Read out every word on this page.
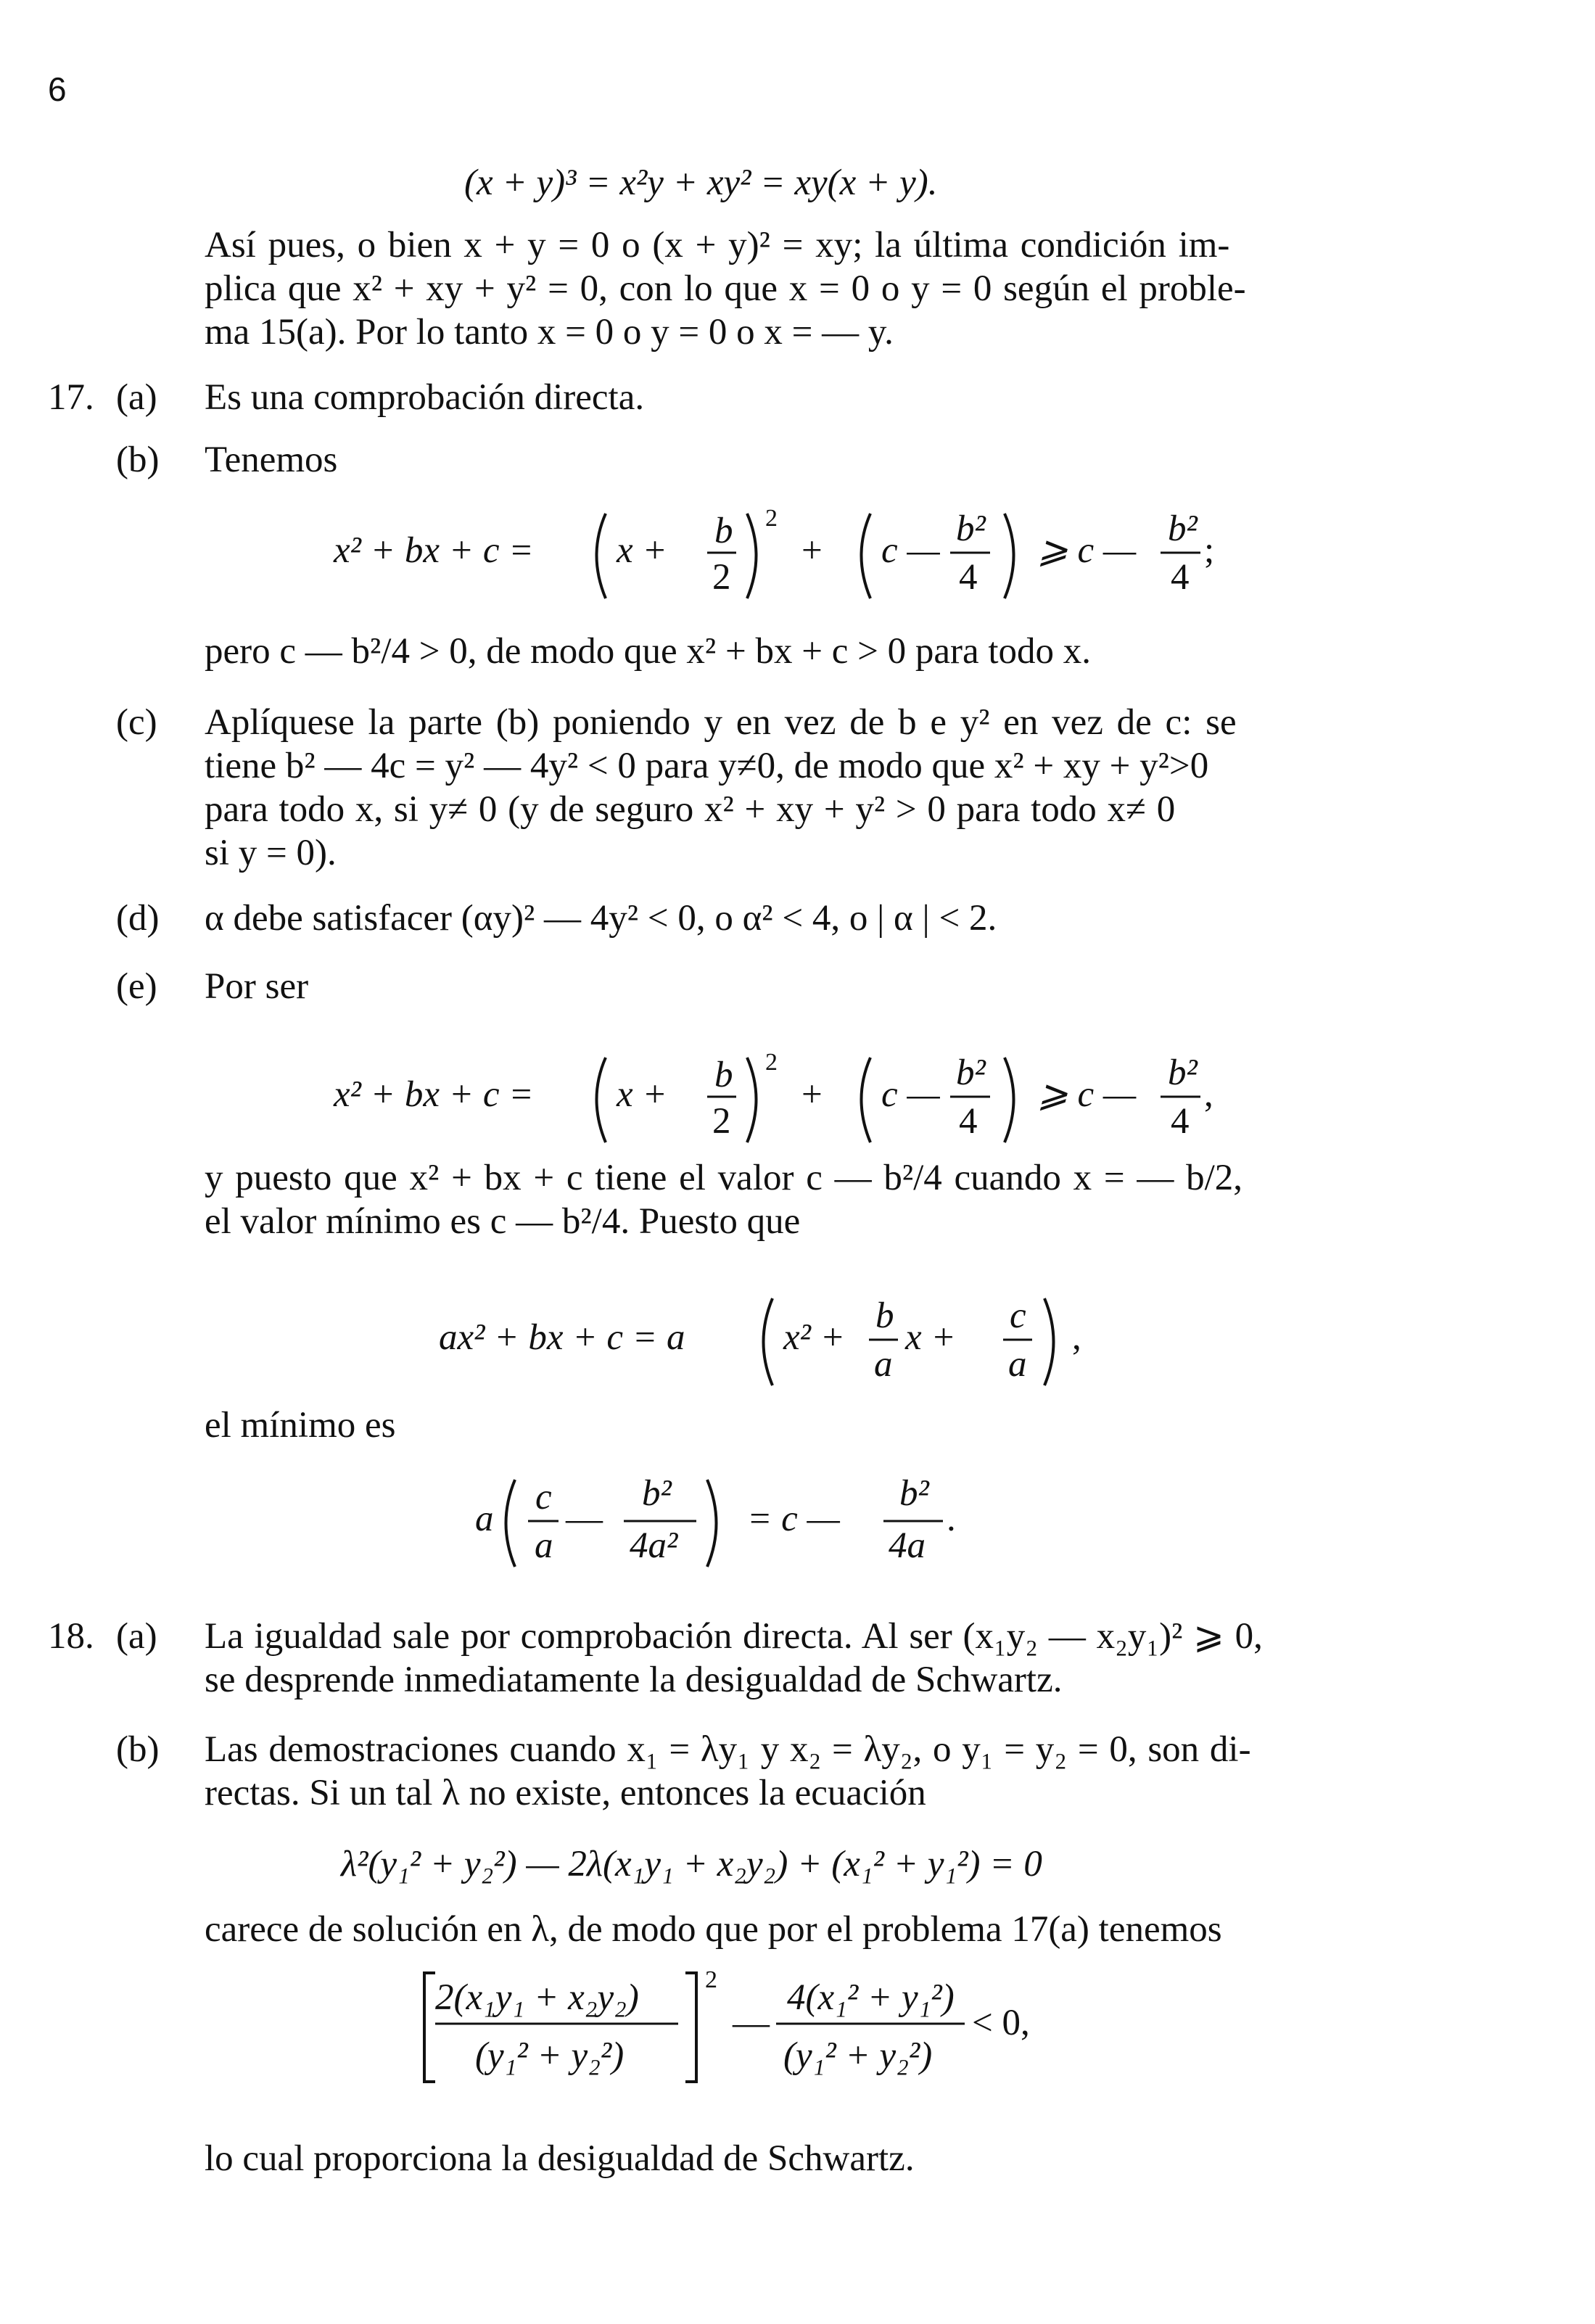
6
(x + y)³ = x²y + xy² = xy(x + y).
Así pues, o bien x + y = 0 o (x + y)² = xy; la última condición im-
plica que x² + xy + y² = 0, con lo que x = 0 o y = 0 según el proble-
ma 15(a). Por lo tanto x = 0 o y = 0 o x = — y.
17. (a) Es una comprobación directa.
(b) Tenemos
x² + bx + c = x + b
2
2
+ c —
b²
4
⩾ c —
b²
4
;
pero c — b²/4 > 0, de modo que x² + bx + c > 0 para todo x.
(c) Aplíquese la parte (b) poniendo y en vez de b e y² en vez de c: se
tiene b² — 4c = y² — 4y² < 0 para y≠0, de modo que x² + xy + y²>0
para todo x, si y≠ 0 (y de seguro x² + xy + y² > 0 para todo x≠ 0
si y = 0).
(d) α debe satisfacer (αy)² — 4y² < 0, o α² < 4, o | α | < 2.
(e) Por ser
x² + bx + c = x + b
2
2
+ c —
b²
4
⩾ c —
b²
4
,
y puesto que x² + bx + c tiene el valor c — b²/4 cuando x = — b/2,
el valor mínimo es c — b²/4. Puesto que
ax² + bx + c = a	x² +
b
a
x +
c
a
,
el mínimo es
a
c
a
—
b²
4a²
= c —
b²
4a
.
18. (a) La igualdad sale por comprobación directa. Al ser (x₁y₂ — x₂y₁)² ⩾ 0,
se desprende inmediatamente la desigualdad de Schwartz.
(b) Las demostraciones cuando x₁ = λy₁ y x₂ = λy₂, o y₁ = y₂ = 0, son di-
rectas. Si un tal λ no existe, entonces la ecuación
λ²(y₁² + y₂²) — 2λ(x₁y₁ + x₂y₂) + (x₁² + y₁²) = 0
carece de solución en λ, de modo que por el problema 17(a) tenemos
2(x₁y₁ + x₂y₂)
(y₁² + y₂²)
2
—
4(x₁² + y₁²)
(y₁² + y₂²)
< 0,
lo cual proporciona la desigualdad de Schwartz.
